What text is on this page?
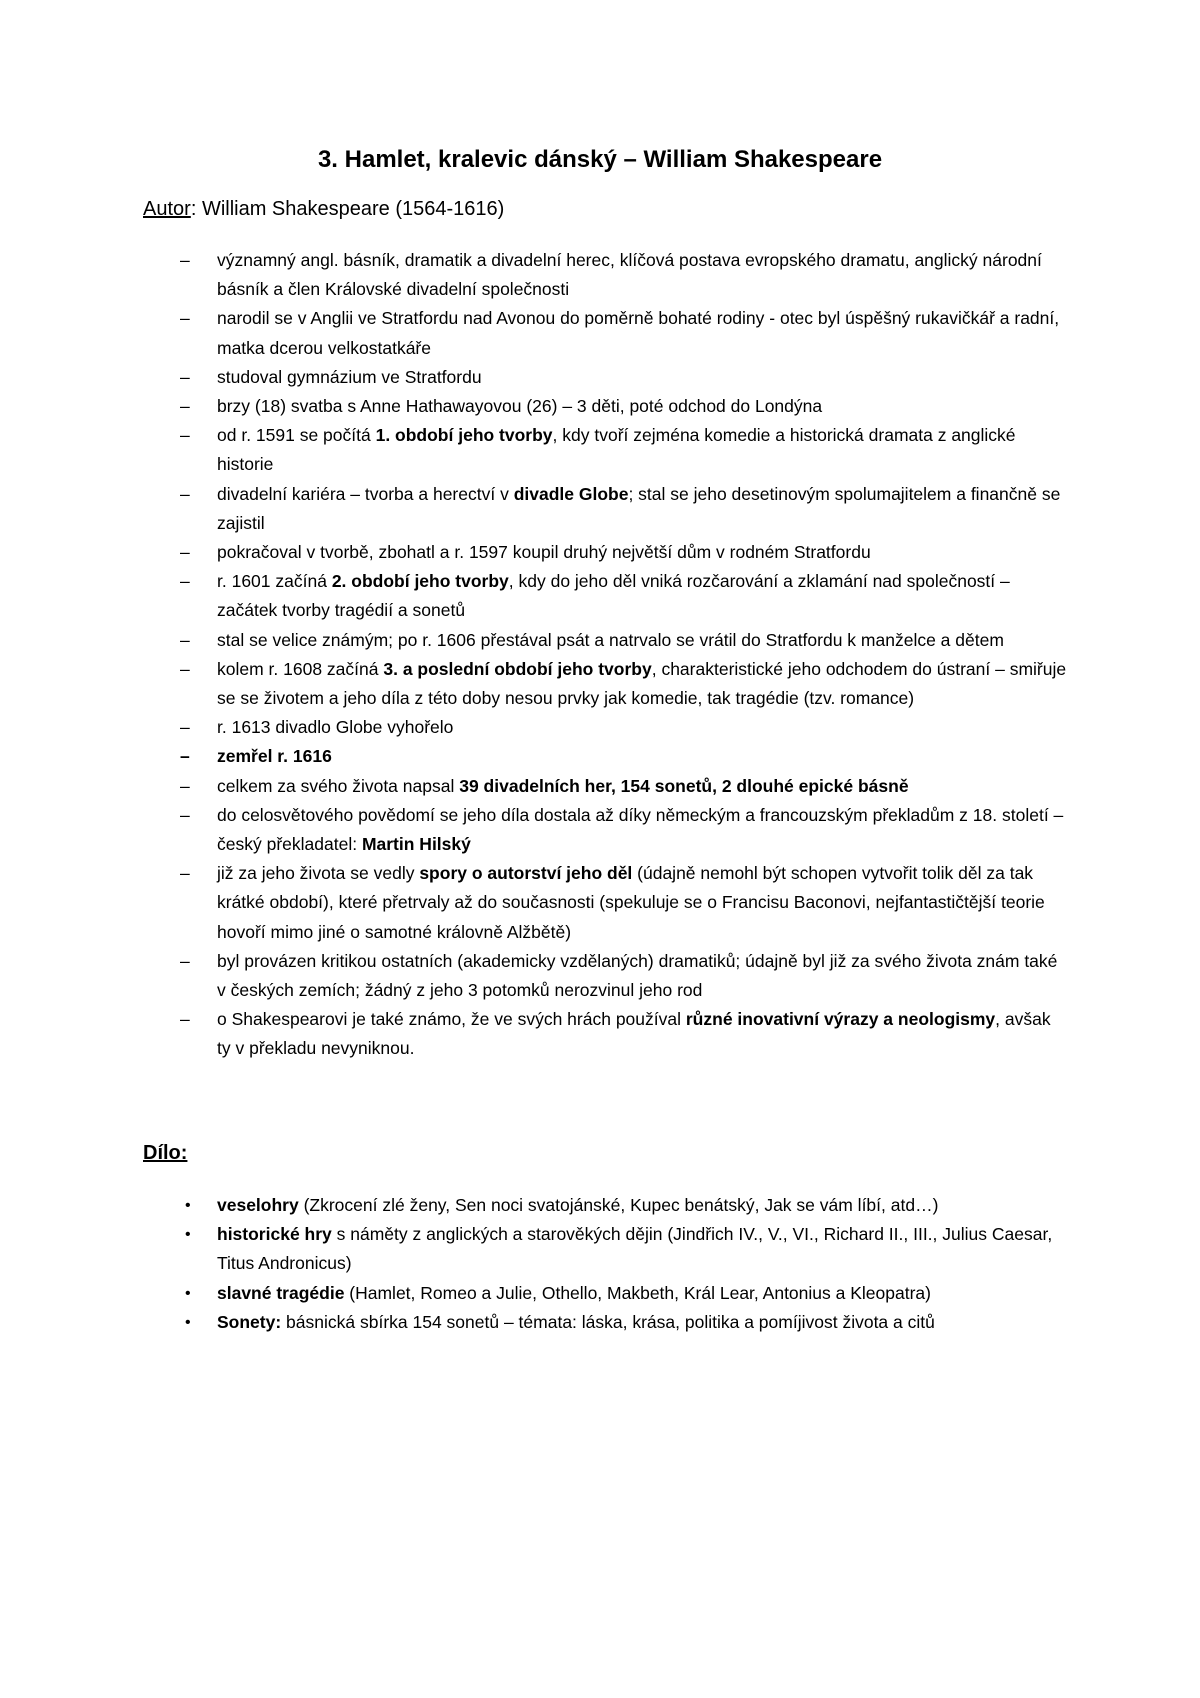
3. Hamlet, kralevic dánský – William Shakespeare

Autor: William Shakespeare (1564-1616)

–	významný angl. básník, dramatik a divadelní herec, klíčová postava evropského dramatu, anglický národní básník a člen Královské divadelní společnosti
–	narodil se v Anglii ve Stratfordu nad Avonou do poměrně bohaté rodiny - otec byl úspěšný rukavičkář a radní, matka dcerou velkostatkáře
–	studoval gymnázium ve Stratfordu
–	brzy (18) svatba s Anne Hathawayovou (26) – 3 děti, poté odchod do Londýna
–	od r. 1591 se počítá 1. období jeho tvorby, kdy tvoří zejména komedie a historická dramata z anglické historie
–	divadelní kariéra – tvorba a herectví v divadle Globe; stal se jeho desetinovým spolumajitelem a finančně se zajistil
–	pokračoval v tvorbě, zbohatl a r. 1597 koupil druhý největší dům v rodném Stratfordu
–	r. 1601 začíná 2. období jeho tvorby, kdy do jeho děl vniká rozčarování a zklamání nad společností – začátek tvorby tragédií a sonetů
–	stal se velice známým; po r. 1606 přestával psát a natrvalo se vrátil do Stratfordu k manželce a dětem
–	kolem r. 1608 začíná 3. a poslední období jeho tvorby, charakteristické jeho odchodem do ústraní – smiřuje se se životem a jeho díla z této doby nesou prvky jak komedie, tak tragédie (tzv. romance)
–	r. 1613 divadlo Globe vyhořelo
–	zemřel r. 1616
–	celkem za svého života napsal 39 divadelních her, 154 sonetů, 2 dlouhé epické básně
–	do celosvětového povědomí se jeho díla dostala až díky německým a francouzským překladům z 18. století – český překladatel: Martin Hilský
–	již za jeho života se vedly spory o autorství jeho děl (údajně nemohl být schopen vytvořit tolik děl za tak krátké období), které přetrvaly až do současnosti (spekuluje se o Francisu Baconovi, nejfantastičtější teorie hovoří mimo jiné o samotné královně Alžbětě)
–	byl provázen kritikou ostatních (akademicky vzdělaných) dramatiků; údajně byl již za svého života znám také v českých zemích; žádný z jeho 3 potomků nerozvinul jeho rod
–	o Shakespearovi je také známo, že ve svých hrách používal různé inovativní výrazy a neologismy, avšak ty v překladu nevyniknou.
Dílo:
• veselohry (Zkrocení zlé ženy, Sen noci svatojánské, Kupec benátský, Jak se vám líbí, atd…)
• historické hry s náměty z anglických a starověkých dějin (Jindřich IV., V., VI., Richard II., III., Julius Caesar, Titus Andronicus)
• slavné tragédie (Hamlet, Romeo a Julie, Othello, Makbeth, Král Lear, Antonius a Kleopatra)
• Sonety: básnická sbírka 154 sonetů – témata: láska, krása, politika a pomíjivost života a citů
